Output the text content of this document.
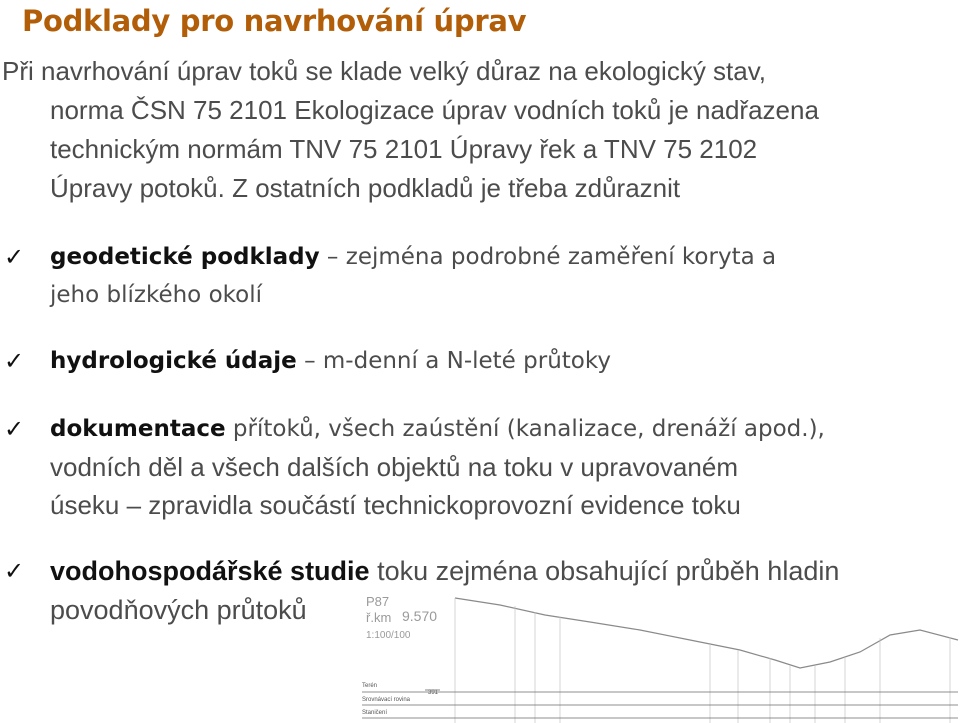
Podklady pro navrhování úprav
Při navrhování úprav toků se klade velký důraz na ekologický stav,
norma ČSN 75 2101 Ekologizace úprav vodních toků je nadřazena
technickým normám TNV 75 2101 Úpravy řek a TNV 75 2102
Úpravy potoků. Z ostatních podkladů je třeba zdůraznit
✓ geodetické podklady – zejména podrobné zaměření koryta a
jeho blízkého okolí
✓ hydrologické údaje – m-denní a N-leté průtoky
✓ dokumentace přítoků, všech zaústění (kanalizace, drenáží apod.),
vodních děl a všech dalších objektů na toku v upravovaném
úseku – zpravidla součástí technickoprovozní evidence toku
✓ vodohospodářské studie toku zejména obsahující průběh hladin
povodňových průtoků	P87
ř.km 9.570
1:100/100
Terén
Srovnávací rovina
Staničení
391
